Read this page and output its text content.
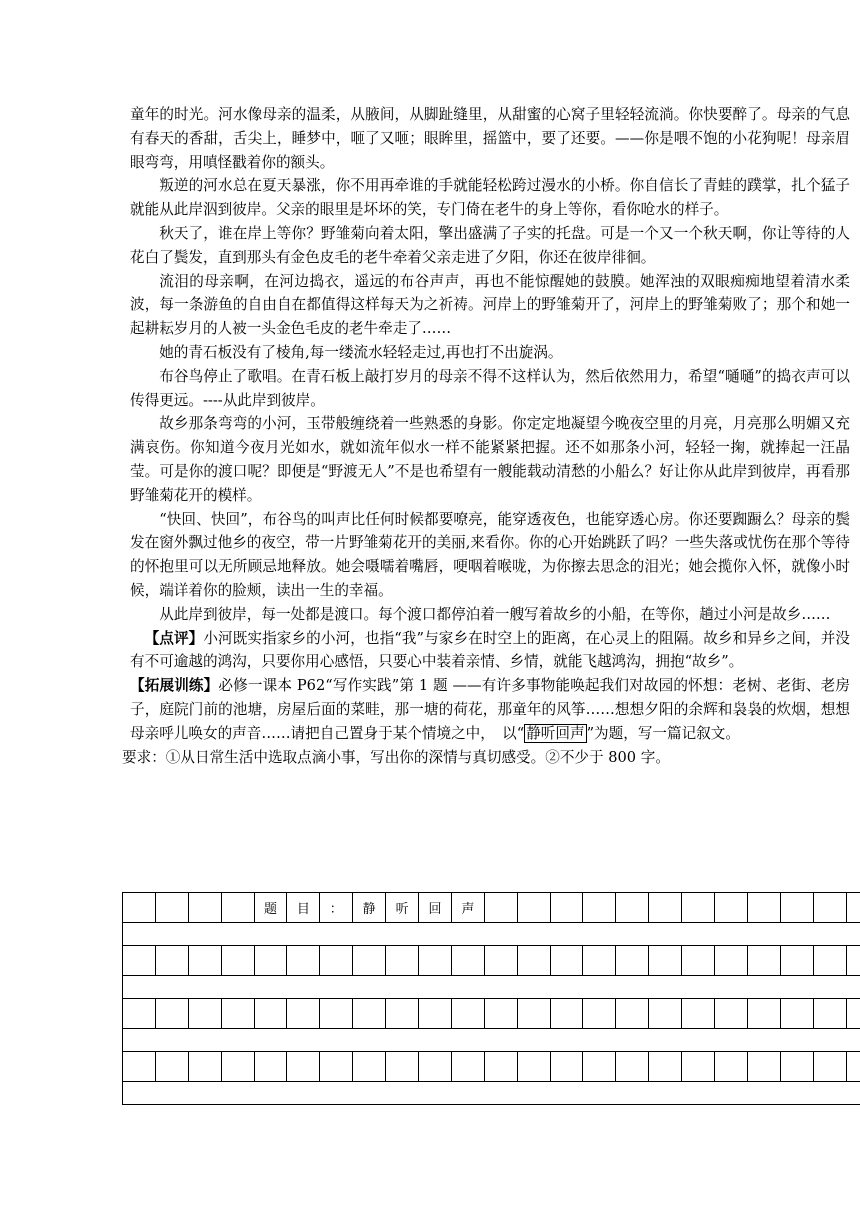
童年的时光。河水像母亲的温柔，从腋间，从脚趾缝里，从甜蜜的心窝子里轻轻流淌。你快要醉了。母亲的气息有春天的香甜，舌尖上，睡梦中，咂了又咂；眼眸里，摇篮中，要了还要。——你是喂不饱的小花狗呢！母亲眉眼弯弯，用嗔怪戳着你的额头。

叛逆的河水总在夏天暴涨，你不用再牵谁的手就能轻松跨过漫水的小桥。你自信长了青蛙的蹼掌，扎个猛子就能从此岸泅到彼岸。父亲的眼里是坏坏的笑，专门倚在老牛的身上等你，看你呛水的样子。

秋天了，谁在岸上等你？野雏菊向着太阳，擎出盛满了子实的托盘。可是一个又一个秋天啊，你让等待的人花白了鬓发，直到那头有金色皮毛的老牛牵着父亲走进了夕阳，你还在彼岸徘徊。

流泪的母亲啊，在河边捣衣，遥远的布谷声声，再也不能惊醒她的鼓膜。她浑浊的双眼痴痴地望着清水柔波，每一条游鱼的自由自在都值得这样每天为之祈祷。河岸上的野雏菊开了，河岸上的野雏菊败了；那个和她一起耕耘岁月的人被一头金色毛皮的老牛牵走了……

她的青石板没有了棱角,每一缕流水轻轻走过,再也打不出旋涡。

布谷鸟停止了歌唱。在青石板上敲打岁月的母亲不得不这样认为，然后依然用力，希望“嗵嗵”的捣衣声可以传得更远。----从此岸到彼岸。

故乡那条弯弯的小河，玉带般缠绕着一些熟悉的身影。你定定地凝望今晚夜空里的月亮，月亮那么明媚又充满哀伤。你知道今夜月光如水，就如流年似水一样不能紧紧把握。还不如那条小河，轻轻一掬，就捧起一汪晶莹。可是你的渡口呢？即便是“野渡无人”不是也希望有一艘能载动清愁的小船么？好让你从此岸到彼岸，再看那野雏菊花开的模样。

“快回、快回”，布谷鸟的叫声比任何时候都要嘹亮，能穿透夜色，也能穿透心房。你还要踟蹰么？母亲的鬓发在窗外飘过他乡的夜空，带一片野雏菊花开的美丽,来看你。你的心开始跳跃了吗？一些失落或忧伤在那个等待的怀抱里可以无所顾忌地释放。她会嗫嚅着嘴唇，哽咽着喉咙，为你擦去思念的泪光；她会揽你入怀，就像小时候，端详着你的脸颊，读出一生的幸福。

从此岸到彼岸，每一处都是渡口。每个渡口都停泊着一艘写着故乡的小船，在等你，趟过小河是故乡……

【点评】小河既实指家乡的小河，也指“我”与家乡在时空上的距离，在心灵上的阻隔。故乡和异乡之间，并没有不可逾越的鸿沟，只要你用心感悟，只要心中装着亲情、乡情，就能飞越鸿沟，拥抱“故乡”。

【拓展训练】必修一课本 P62“写作实践”第 1 题 ——有许多事物能唤起我们对故园的怀想：老树、老街、老房子，庭院门前的池塘，房屋后面的菜畦，那一塘的荷花，那童年的风筝……想想夕阳的余辉和袅袅的炊烟，想想母亲呼儿唤女的声音……请把自己置身于某个情境之中，　以“ 静听回声 ”为题，写一篇记叙文。

要求：①从日常生活中选取点滴小事，写出你的深情与真切感受。②不少于 800 字。

				题	目	：	静	听	回	声												
